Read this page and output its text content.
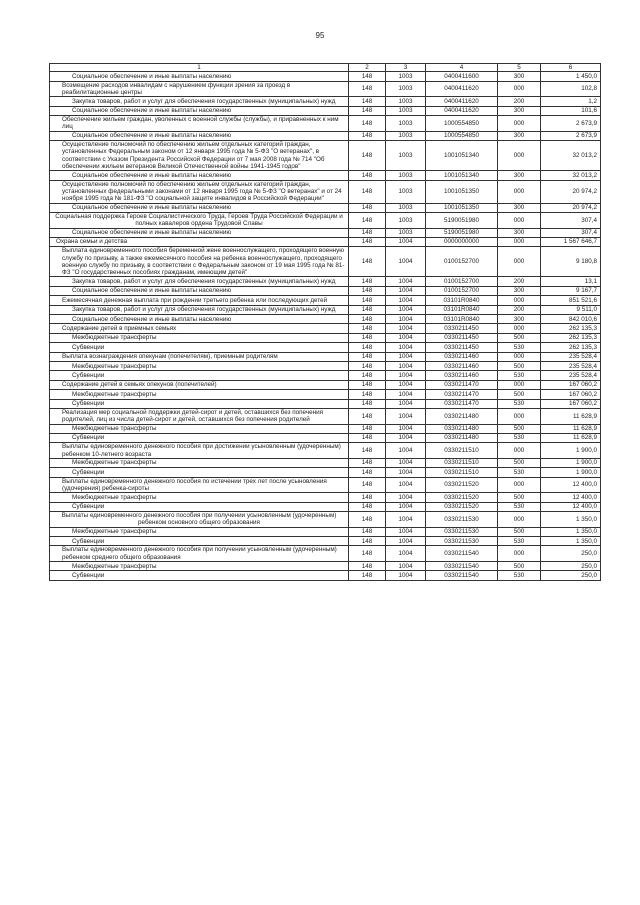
95
1	2	3	4	5	6
Социальное обеспечение и иные выплаты населению	148	1003	0400411600	300	1 450,0
Возмещение расходов инвалидам с нарушением функции зрения за проезд в реабилитационные центры	148	1003	0400411620	000	102,8
Закупка товаров, работ и услуг для обеспечения государственных (муниципальных) нужд	148	1003	0400411620	200	1,2
Социальное обеспечение и иные выплаты населению	148	1003	0400411620	300	101,6
Обеспечение жильем граждан, уволенных с военной службы (службы), и приравненных к ним лиц	148	1003	1000554850	000	2 673,9
Социальное обеспечение и иные выплаты населению	148	1003	1000554850	300	2 673,9
Осуществление полномочий по обеспечению жильем отдельных категорий граждан, установленных Федеральным законом от 12 января 1995 года № 5-ФЗ "О ветеранах", в соответствии с Указом Президента Российской Федерации от 7 мая 2008 года № 714 "Об обеспечении жильем ветеранов Великой Отечественной войны 1941-1945 годов"	148	1003	1001051340	000	32 013,2
Социальное обеспечение и иные выплаты населению	148	1003	1001051340	300	32 013,2
Осуществление полномочий по обеспечению жильем отдельных категорий граждан, установленных федеральными законами от 12 января 1995 года № 5-ФЗ "О ветеранах" и от 24 ноября 1995 года № 181-ФЗ "О социальной защите инвалидов в Российской Федерации"	148	1003	1001051350	000	20 974,2
Социальное обеспечение и иные выплаты населению	148	1003	1001051350	300	20 974,2
Социальная поддержка Героев Социалистического Труда, Героев Труда Российской Федерации и полных кавалеров ордена Трудовой Славы	148	1003	5190051980	000	307,4
Социальное обеспечение и иные выплаты населению	148	1003	5190051980	300	307,4
Охрана семьи и детства	148	1004	0000000000	000	1 567 646,7
Выплата единовременного пособия беременной жене военнослужащего, проходящего военную службу по призыву, а также ежемесячного пособия на ребенка военнослужащего, проходящего военную службу по призыву, в соответствии с Федеральным законом от 19 мая 1995 года № 81-ФЗ "О государственных пособиях гражданам, имеющим детей"	148	1004	0100152700	000	9 180,8
Закупка товаров, работ и услуг для обеспечения государственных (муниципальных) нужд	148	1004	0100152700	200	13,1
Социальное обеспечение и иные выплаты населению	148	1004	0100152700	300	9 167,7
Ежемесячная денежная выплата при рождении третьего ребенка или последующих детей	148	1004	03101R0840	000	851 521,6
Закупка товаров, работ и услуг для обеспечения государственных (муниципальных) нужд	148	1004	03101R0840	200	9 511,0
Социальное обеспечение и иные выплаты населению	148	1004	03101R0840	300	842 010,6
Содержание детей в приемных семьях	148	1004	0330211450	000	262 135,3
Межбюджетные трансферты	148	1004	0330211450	500	262 135,3
Субвенции	148	1004	0330211450	530	262 135,3
Выплата вознаграждения опекунам (попечителям), приемным родителям	148	1004	0330211460	000	235 528,4
Межбюджетные трансферты	148	1004	0330211460	500	235 528,4
Субвенции	148	1004	0330211460	530	235 528,4
Содержание детей в семьях опекунов (попечителей)	148	1004	0330211470	000	167 060,2
Межбюджетные трансферты	148	1004	0330211470	500	167 060,2
Субвенции	148	1004	0330211470	530	167 060,2
Реализация мер социальной поддержки детей-сирот и детей, оставшихся без попечения родителей, лиц из числа детей-сирот и детей, оставшихся без попечения родителей	148	1004	0330211480	000	11 628,9
Межбюджетные трансферты	148	1004	0330211480	500	11 628,9
Субвенции	148	1004	0330211480	530	11 628,9
Выплаты единовременного денежного пособия при достижении усыновленным (удочеренным) ребенком 10-летнего возраста	148	1004	0330211510	000	1 900,0
Межбюджетные трансферты	148	1004	0330211510	500	1 900,0
Субвенции	148	1004	0330211510	530	1 900,0
Выплаты единовременного денежного пособия по истечении трех лет после усыновления (удочерения) ребенка-сироты	148	1004	0330211520	000	12 400,0
Межбюджетные трансферты	148	1004	0330211520	500	12 400,0
Субвенции	148	1004	0330211520	530	12 400,0
Выплаты единовременного денежного пособия при получении усыновленным (удочеренным) ребенком основного общего образования	148	1004	0330211530	000	1 350,0
Межбюджетные трансферты	148	1004	0330211530	500	1 350,0
Субвенции	148	1004	0330211530	530	1 350,0
Выплаты единовременного денежного пособия при получении усыновленным (удочеренным) ребенком среднего общего образования	148	1004	0330211540	000	250,0
Межбюджетные трансферты	148	1004	0330211540	500	250,0
Субвенции	148	1004	0330211540	530	250,0
